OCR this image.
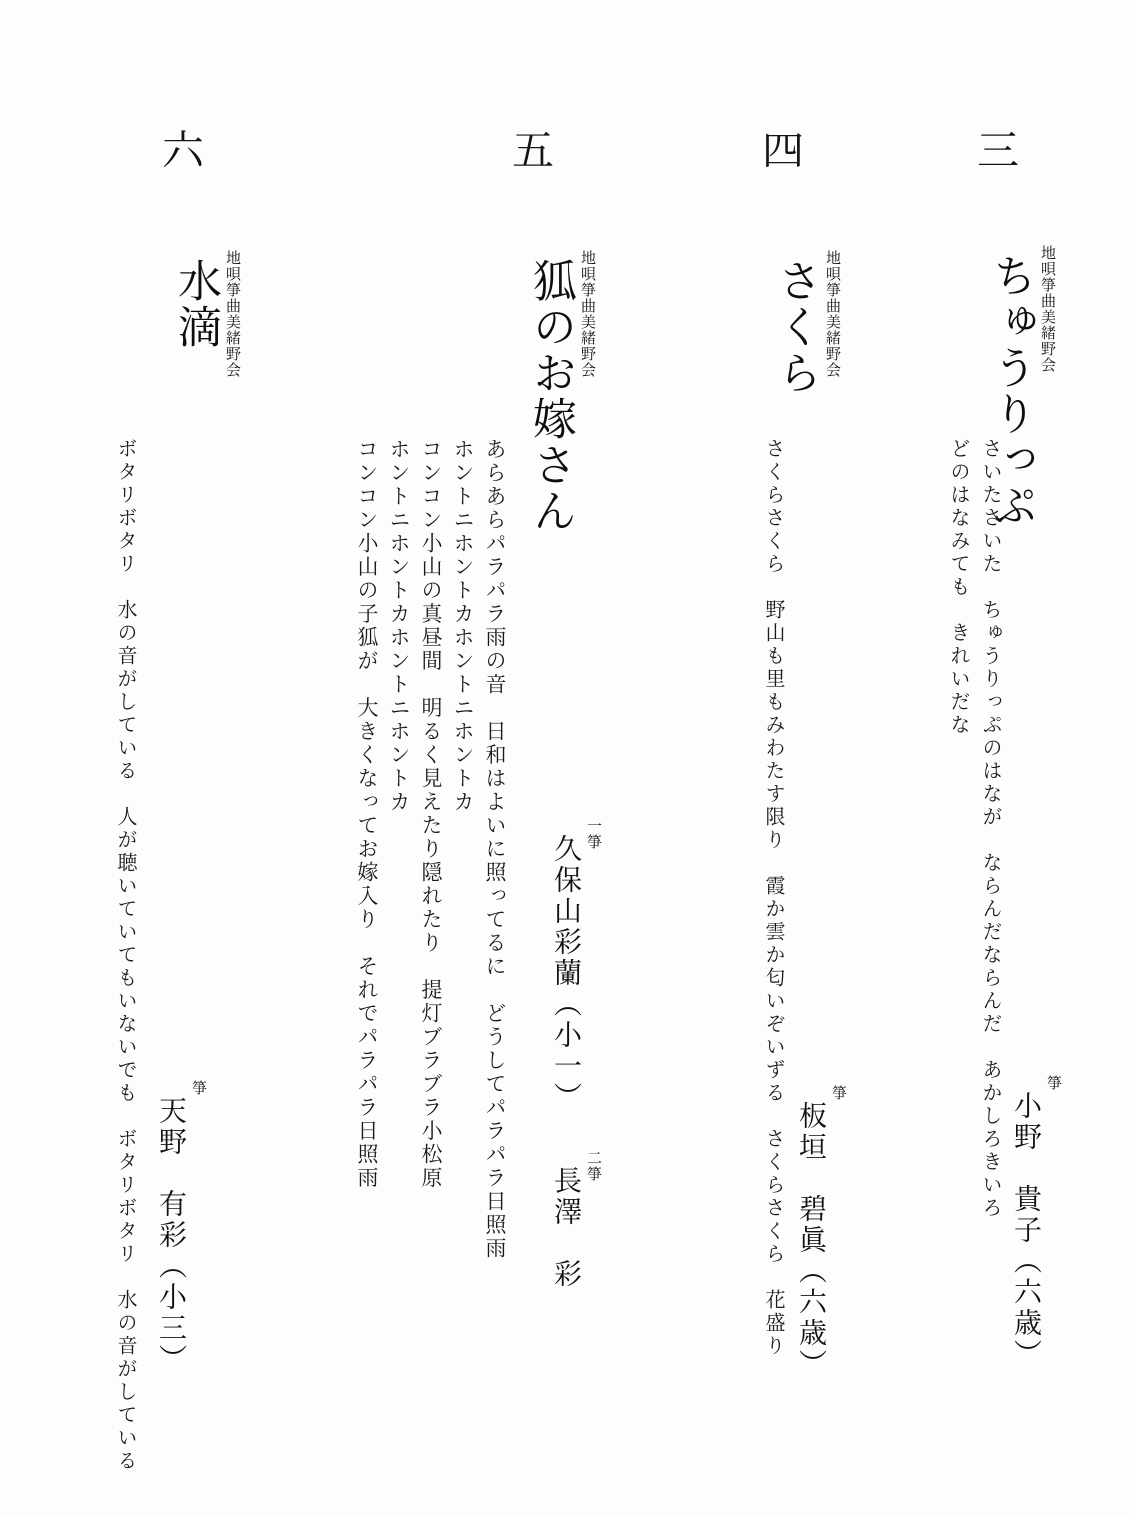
三
地唄箏曲美緒野会
ちゅうりっぷ
さいたさいた　ちゅうりっぷのはなが　ならんだならんだ　あかしろきいろ
どのはなみても　きれいだな
箏
小野　貴子（六歳）
四
地唄箏曲美緒野会
さくら
さくらさくら　野山も里もみわたす限り　霞か雲か匂いぞいずる　さくらさくら　花盛り	箏
板垣　碧眞（六歳）
五
地唄箏曲美緒野会
狐のお嫁さん
あらあらパラパラ雨の音　日和はよいに照ってるに　どうしてパラパラ日照雨
ホントニホントカホントニホントカ
コンコン小山の真昼間　明るく見えたり隠れたり　提灯ブラブラ小松原
ホントニホントカホントニホントカ
コンコン小山の子狐が　大きくなってお嫁入り　それでパラパラ日照雨	一箏
久保山彩蘭（小一）
二箏
長澤　彩
六
地唄箏曲美緒野会
水滴
ボタリボタリ　水の音がしている　人が聴いていてもいないでも　ボタリボタリ　水の音がしている	箏
天野　有彩（小三）
